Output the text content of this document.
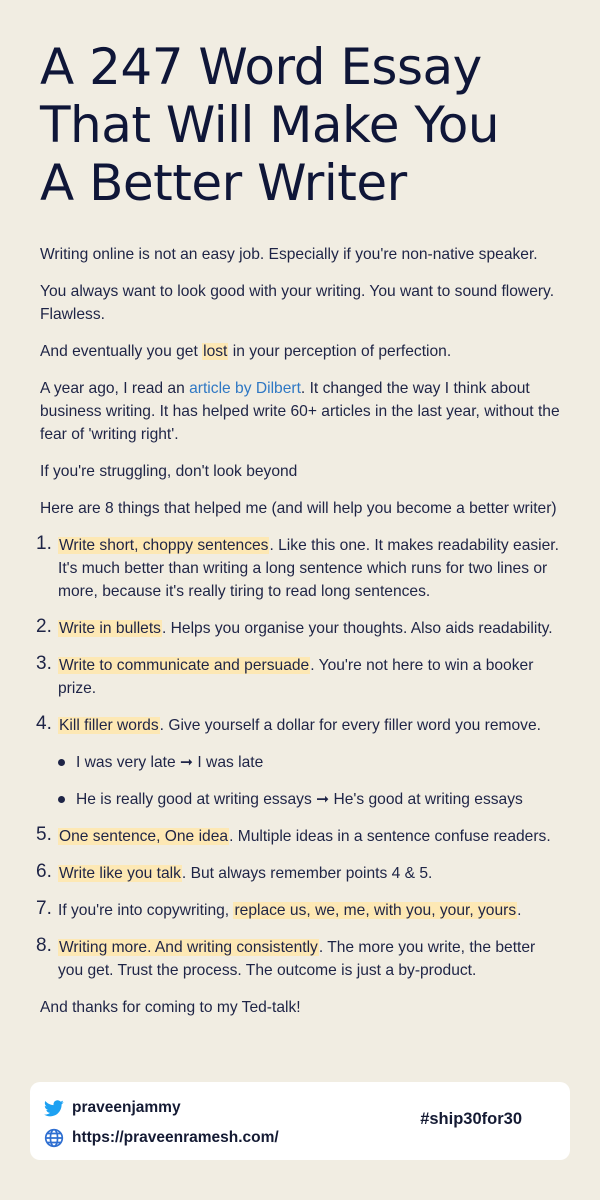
A 247 Word Essay
That Will Make You
A Better Writer

Writing online is not an easy job. Especially if you're non-native speaker.

You always want to look good with your writing. You want to sound flowery. Flawless.

And eventually you get lost in your perception of perfection.

A year ago, I read an article by Dilbert. It changed the way I think about business writing. It has helped write 60+ articles in the last year, without the fear of 'writing right'.

If you're struggling, don't look beyond

Here are 8 things that helped me (and will help you become a better writer)

1. Write short, choppy sentences. Like this one. It makes readability easier. It's much better than writing a long sentence which runs for two lines or more, because it's really tiring to read long sentences.
2. Write in bullets. Helps you organise your thoughts. Also aids readability.
3. Write to communicate and persuade. You're not here to win a booker prize.
4. Kill filler words. Give yourself a dollar for every filler word you remove.
I was very late ➞ I was late
He is really good at writing essays ➞ He's good at writing essays
5. One sentence, One idea. Multiple ideas in a sentence confuse readers.
6. Write like you talk. But always remember points 4 & 5.
7. If you're into copywriting, replace us, we, me, with you, your, yours.
8. Writing more. And writing consistently. The more you write, the better you get. Trust the process. The outcome is just a by-product.

And thanks for coming to my Ted-talk!

praveenjammy
https://praveenramesh.com/
#ship30for30
